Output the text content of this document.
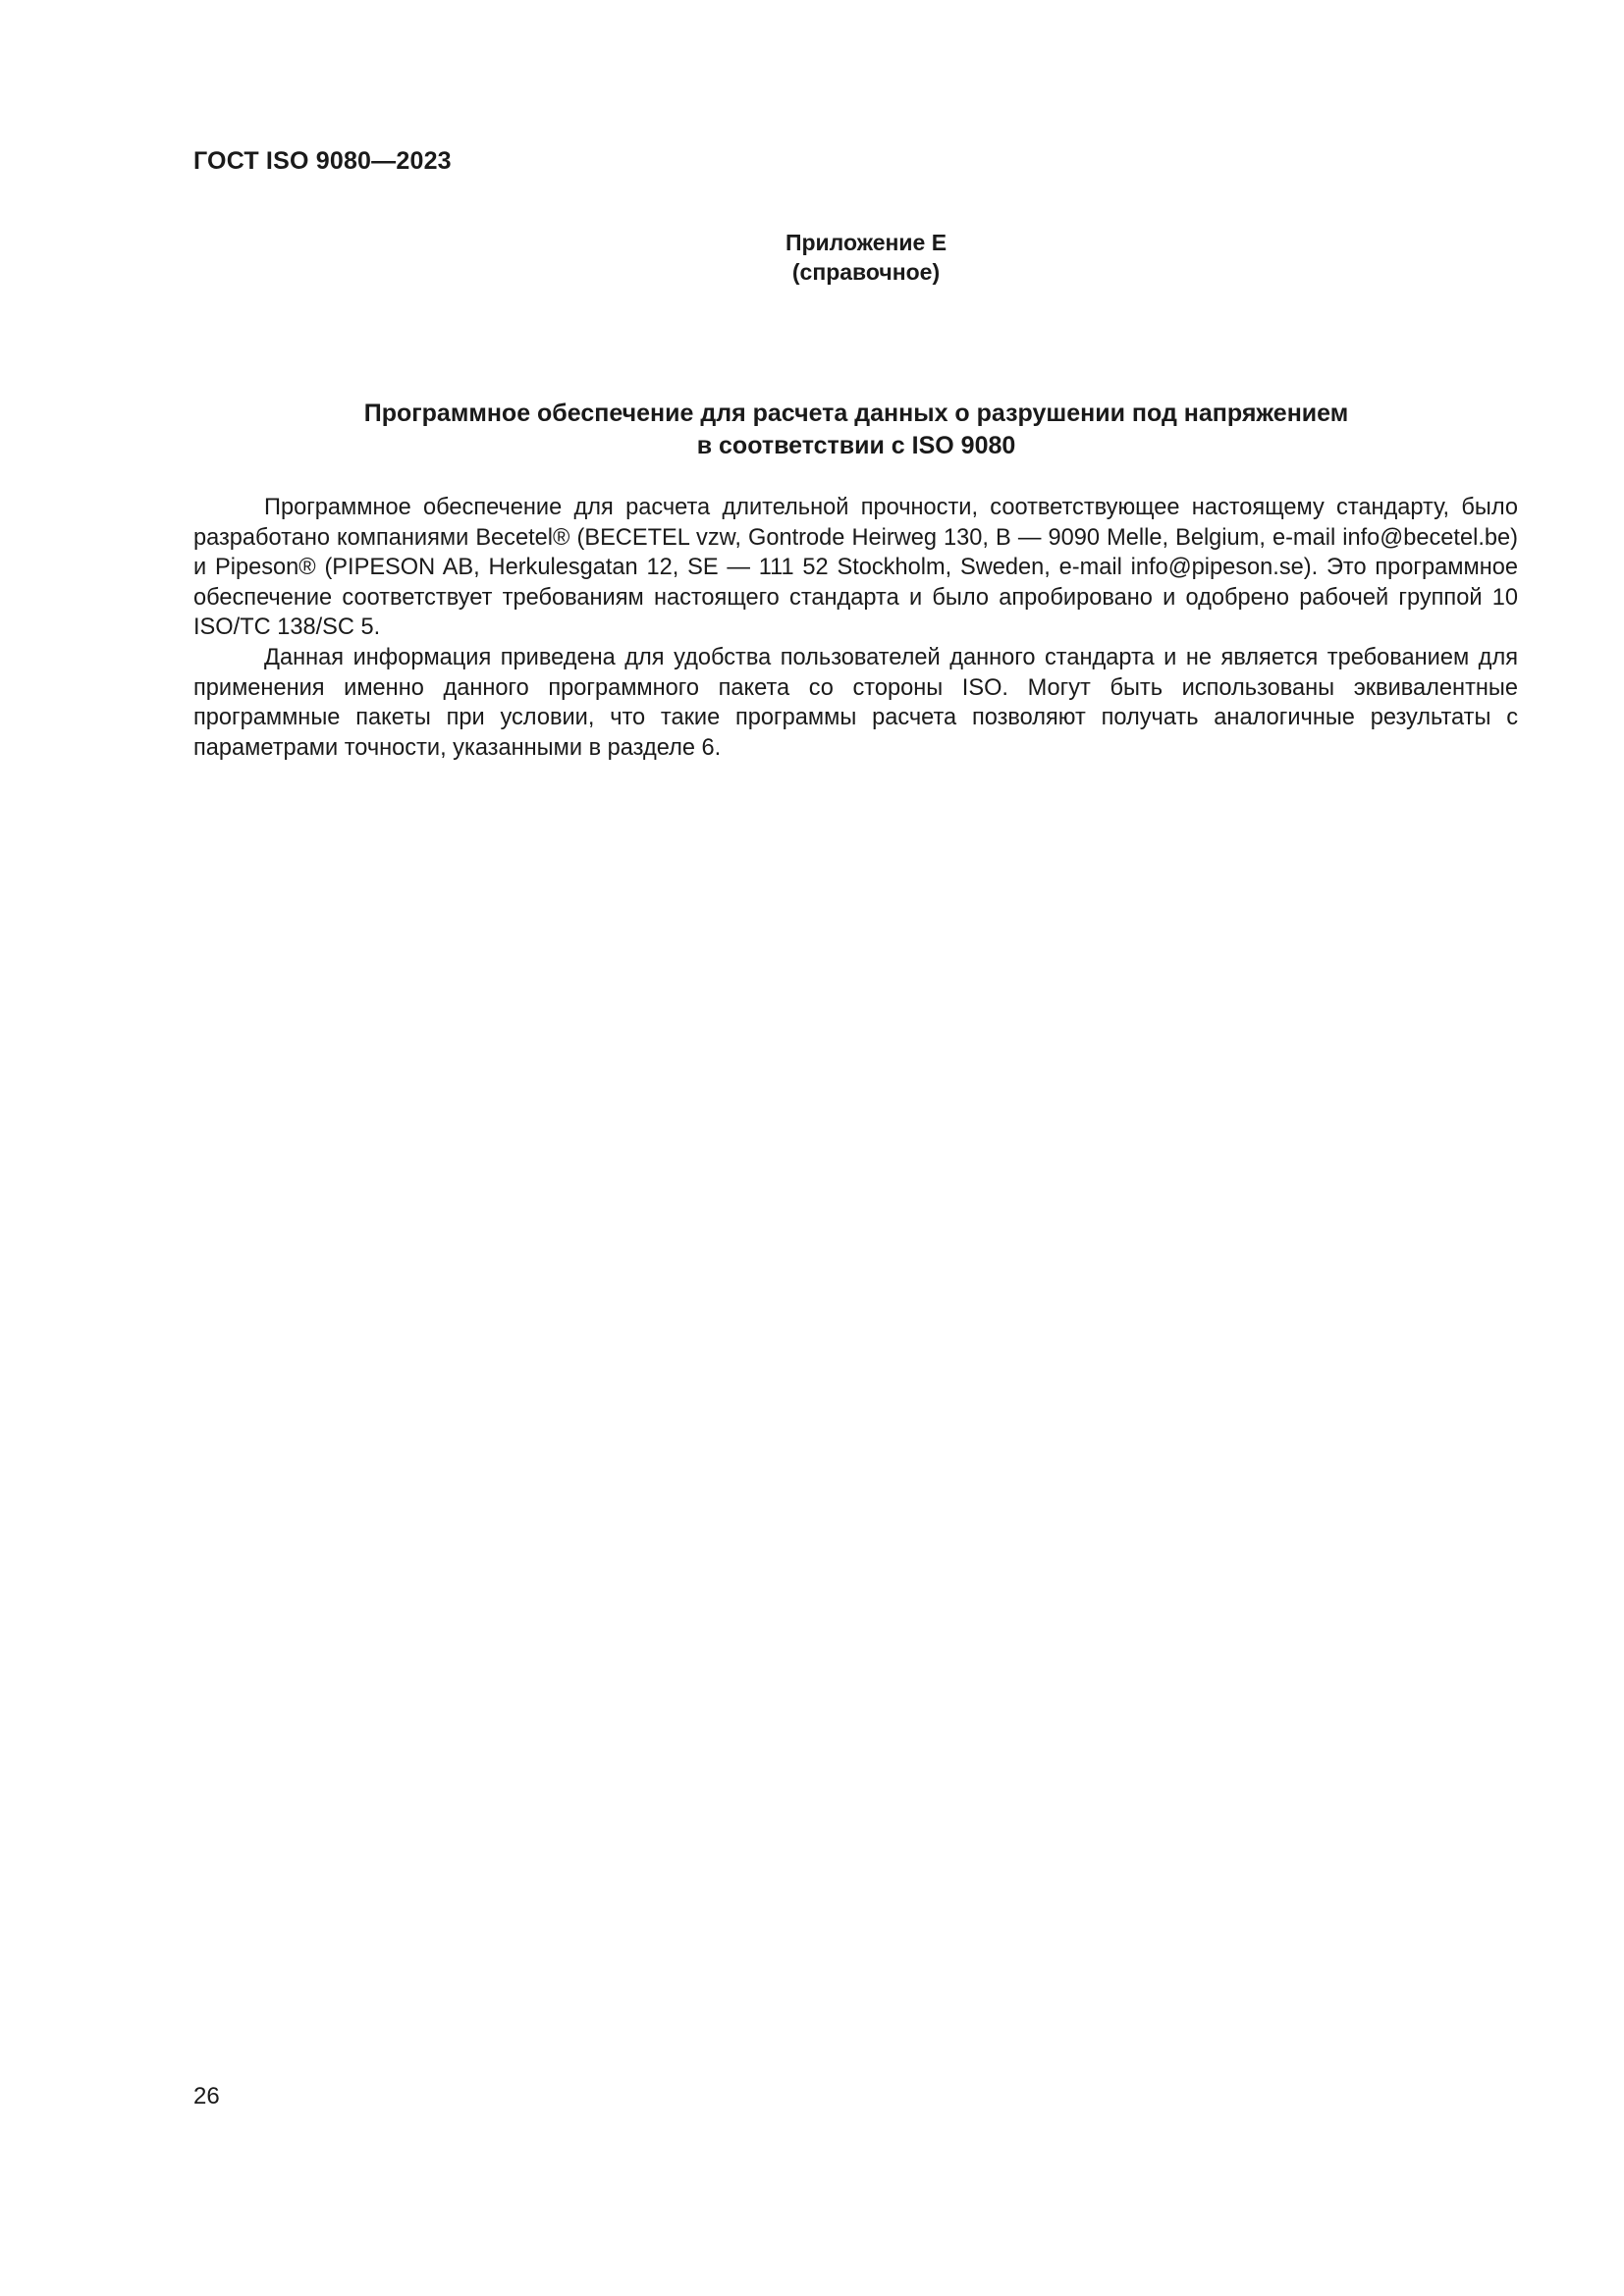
ГОСТ ISO 9080—2023
Приложение Е
(справочное)
Программное обеспечение для расчета данных о разрушении под напряжением
в соответствии с ISO 9080

Программное обеспечение для расчета длительной прочности, соответствующее настоящему стандарту, было разработано компаниями Becetel® (BECETEL vzw, Gontrode Heirweg 130, B — 9090 Melle, Belgium, e-mail info@becetel.be) и Pipeson® (PIPESON AB, Herkulesgatan 12, SE — 111 52 Stockholm, Sweden, e-mail info@pipeson.se). Это программное обеспечение соответствует требованиям настоящего стандарта и было апробировано и одобрено рабочей группой 10 ISO/TC 138/SC 5.

Данная информация приведена для удобства пользователей данного стандарта и не является требованием для применения именно данного программного пакета со стороны ISO. Могут быть использованы эквивалентные программные пакеты при условии, что такие программы расчета позволяют получать аналогичные результаты с параметрами точности, указанными в разделе 6.

26
